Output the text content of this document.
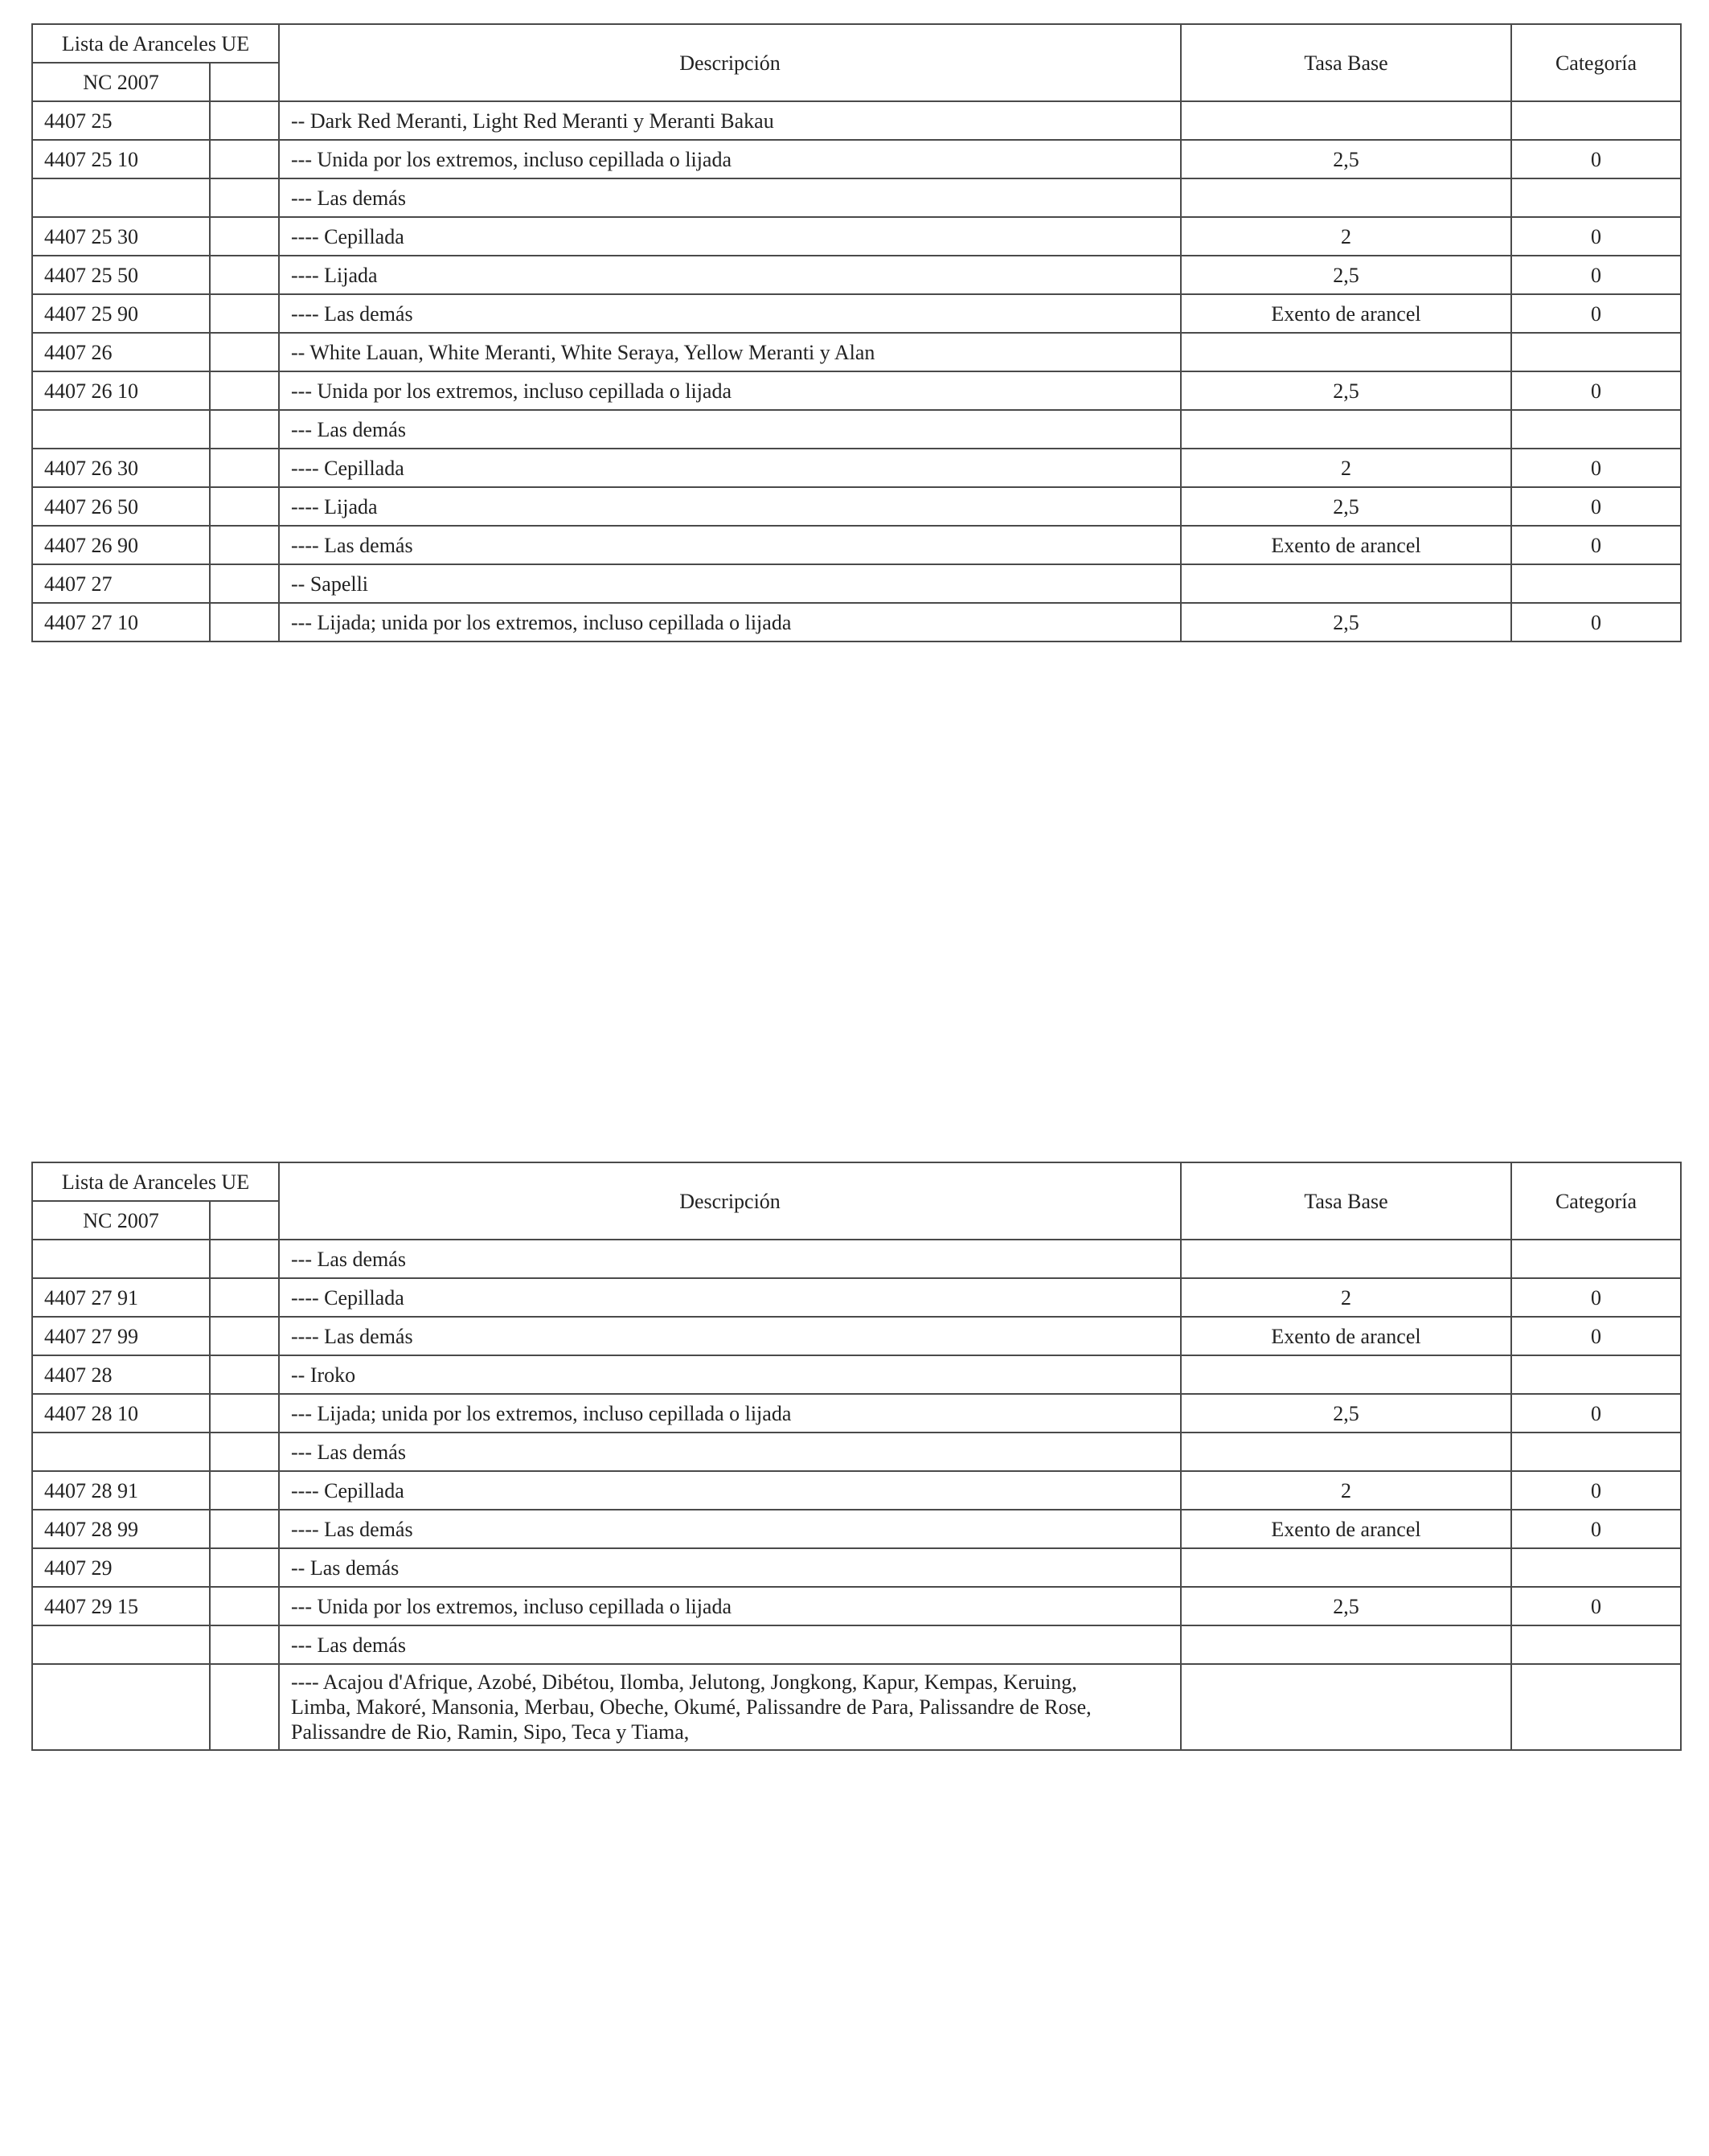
Lista de Aranceles UE		Descripción	Tasa Base	Categoría
NC 2007				
4407 25		-- Dark Red Meranti, Light Red Meranti y Meranti Bakau		
4407 25 10		--- Unida por los extremos, incluso cepillada o lijada	2,5	0
		--- Las demás		
4407 25 30		---- Cepillada	2	0
4407 25 50		---- Lijada	2,5	0
4407 25 90		---- Las demás	Exento de arancel	0
4407 26		-- White Lauan, White Meranti, White Seraya, Yellow Meranti y Alan		
4407 26 10		--- Unida por los extremos, incluso cepillada o lijada	2,5	0
		--- Las demás		
4407 26 30		---- Cepillada	2	0
4407 26 50		---- Lijada	2,5	0
4407 26 90		---- Las demás	Exento de arancel	0
4407 27		-- Sapelli		
4407 27 10		--- Lijada; unida por los extremos, incluso cepillada o lijada	2,5	0
Lista de Aranceles UE		Descripción	Tasa Base	Categoría
NC 2007				
		--- Las demás		
4407 27 91		---- Cepillada	2	0
4407 27 99		---- Las demás	Exento de arancel	0
4407 28		-- Iroko		
4407 28 10		--- Lijada; unida por los extremos, incluso cepillada o lijada	2,5	0
		--- Las demás		
4407 28 91		---- Cepillada	2	0
4407 28 99		---- Las demás	Exento de arancel	0
4407 29		-- Las demás		
4407 29 15		--- Unida por los extremos, incluso cepillada o lijada	2,5	0
		--- Las demás		

		---- Acajou d'Afrique, Azobé, Dibétou, Ilomba, Jelutong, Jongkong, Kapur, Kempas, Keruing,
Limba, Makoré, Mansonia, Merbau, Obeche, Okumé, Palissandre de Para, Palissandre de Rose,
Palissandre de Rio, Ramin, Sipo, Teca y Tiama,		
